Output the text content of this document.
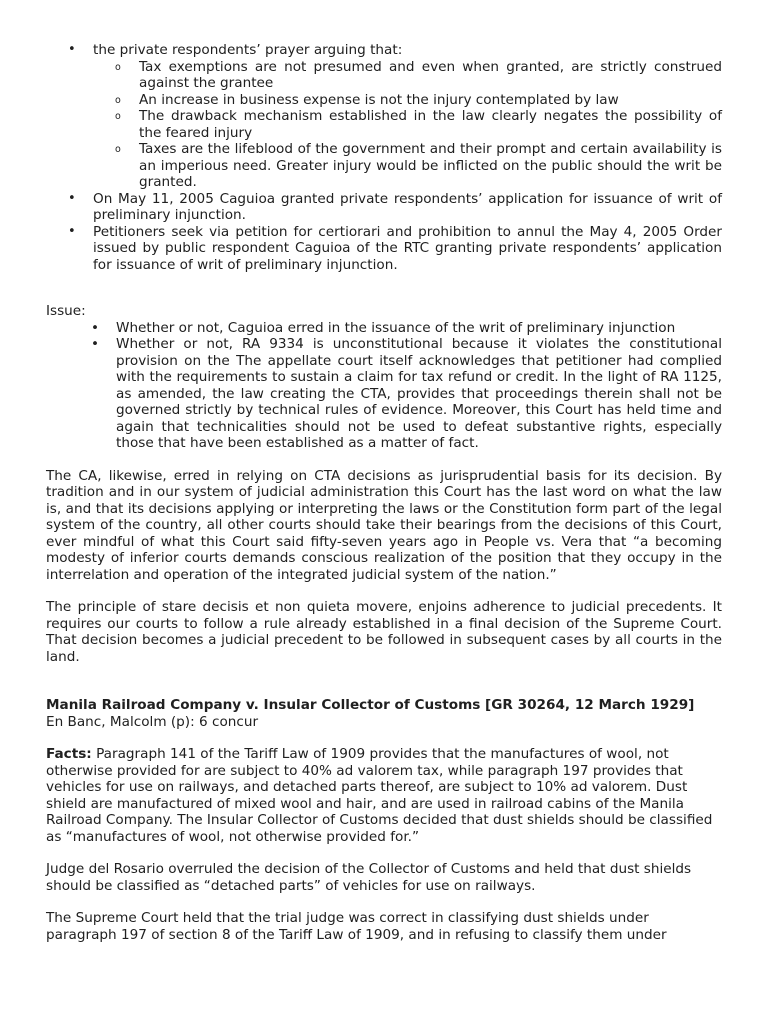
• the private respondents’ prayer arguing that:
o Tax exemptions are not presumed and even when granted, are strictly construed against the grantee
o An increase in business expense is not the injury contemplated by law
o The drawback mechanism established in the law clearly negates the possibility of the feared injury
o Taxes are the lifeblood of the government and their prompt and certain availability is an imperious need. Greater injury would be inflicted on the public should the writ be granted.
• On May 11, 2005 Caguioa granted private respondents’ application for issuance of writ of preliminary injunction.
• Petitioners seek via petition for certiorari and prohibition to annul the May 4, 2005 Order issued by public respondent Caguioa of the RTC granting private respondents’ application for issuance of writ of preliminary injunction.
Issue:
• Whether or not, Caguioa erred in the issuance of the writ of preliminary injunction
• Whether or not, RA 9334 is unconstitutional because it violates the constitutional provision on the The appellate court itself acknowledges that petitioner had complied with the requirements to sustain a claim for tax refund or credit. In the light of RA 1125, as amended, the law creating the CTA, provides that proceedings therein shall not be governed strictly by technical rules of evidence. Moreover, this Court has held time and again that technicalities should not be used to defeat substantive rights, especially those that have been established as a matter of fact.

The CA, likewise, erred in relying on CTA decisions as jurisprudential basis for its decision. By tradition and in our system of judicial administration this Court has the last word on what the law is, and that its decisions applying or interpreting the laws or the Constitution form part of the legal system of the country, all other courts should take their bearings from the decisions of this Court, ever mindful of what this Court said fifty-seven years ago in People vs. Vera that “a becoming modesty of inferior courts demands conscious realization of the position that they occupy in the interrelation and operation of the integrated judicial system of the nation.”

The principle of stare decisis et non quieta movere, enjoins adherence to judicial precedents. It requires our courts to follow a rule already established in a final decision of the Supreme Court. That decision becomes a judicial precedent to be followed in subsequent cases by all courts in the land.

Manila Railroad Company v. Insular Collector of Customs [GR 30264, 12 March 1929]
En Banc, Malcolm (p): 6 concur

Facts: Paragraph 141 of the Tariff Law of 1909 provides that the manufactures of wool, not otherwise provided for are subject to 40% ad valorem tax, while paragraph 197 provides that vehicles for use on railways, and detached parts thereof, are subject to 10% ad valorem. Dust shield are manufactured of mixed wool and hair, and are used in railroad cabins of the Manila Railroad Company. The Insular Collector of Customs decided that dust shields should be classified as “manufactures of wool, not otherwise provided for.”

Judge del Rosario overruled the decision of the Collector of Customs and held that dust shields should be classified as “detached parts” of vehicles for use on railways.

The Supreme Court held that the trial judge was correct in classifying dust shields under paragraph 197 of section 8 of the Tariff Law of 1909, and in refusing to classify them under
